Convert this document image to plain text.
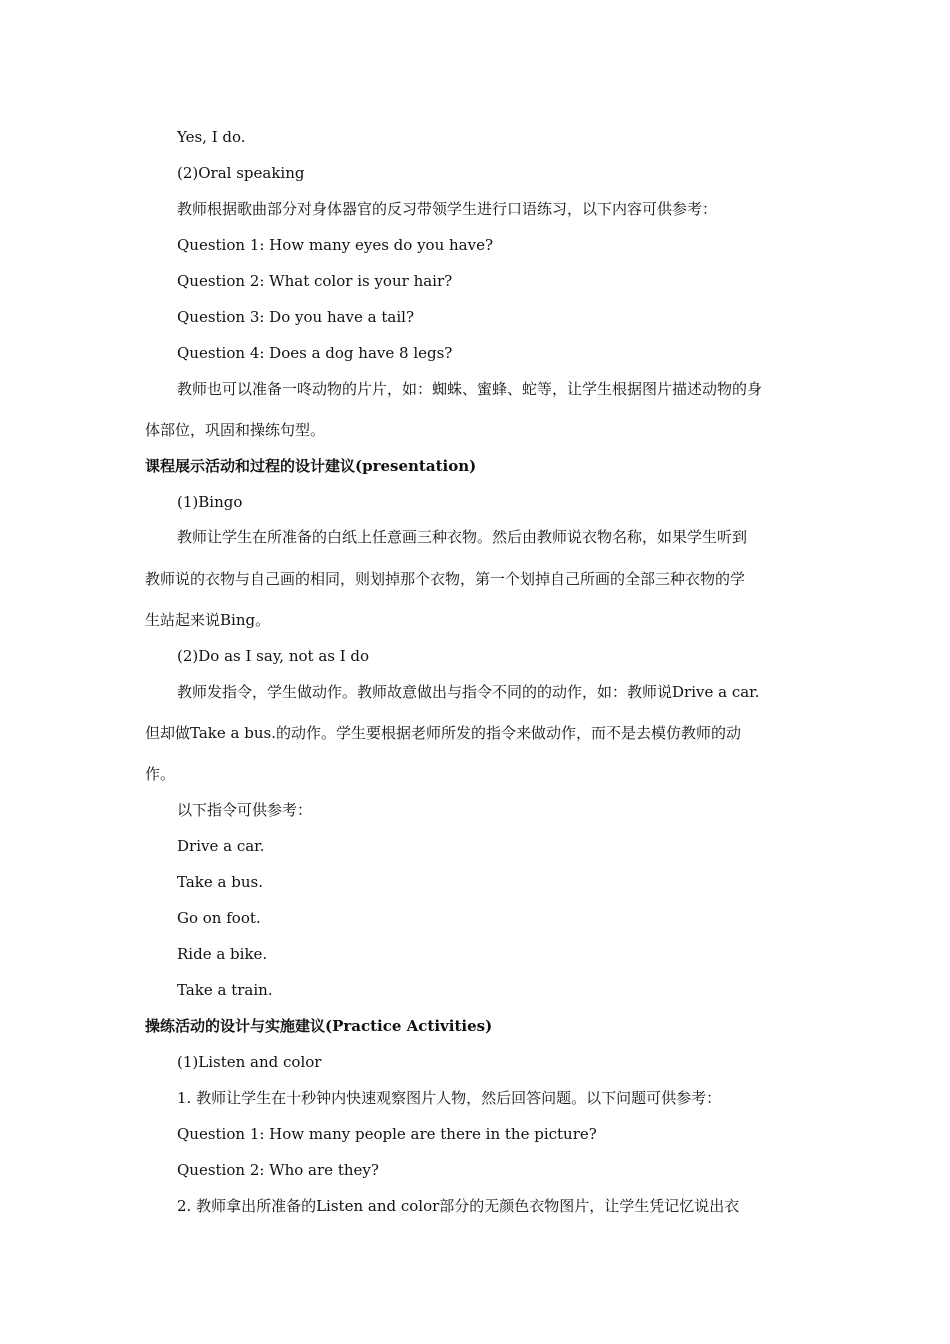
Yes, I do.
(2)Oral speaking
教师根据歌曲部分对身体器官的反习带领学生进行口语练习，以下内容可供参考：
Question 1: How many eyes do you have?
Question 2: What color is your hair?
Question 3: Do you have a tail?
Question 4: Does a dog have 8 legs?
教师也可以准备一咚动物的片片，如：蜘蛛、蜜蜂、蛇等，让学生根据图片描述动物的身
体部位，巩固和操练句型。
课程展示活动和过程的设计建议(presentation)
(1)Bingo
教师让学生在所准备的白纸上任意画三种衣物。然后由教师说衣物名称，如果学生听到
教师说的衣物与自己画的相同，则划掉那个衣物，第一个划掉自己所画的全部三种衣物的学
生站起来说Bing。
(2)Do as I say, not as I do
教师发指令，学生做动作。教师故意做出与指令不同的的动作，如：教师说Drive a car.
但却做Take a bus.的动作。学生要根据老师所发的指令来做动作，而不是去模仿教师的动
作。
以下指令可供参考：
Drive a car.
Take a bus.
Go on foot.
Ride a bike.
Take a train.
操练活动的设计与实施建议(Practice Activities)
(1)Listen and color
1. 教师让学生在十秒钟内快速观察图片人物，然后回答问题。以下问题可供参考：
Question 1: How many people are there in the picture?
Question 2: Who are they?
2. 教师拿出所准备的Listen and color部分的无颜色衣物图片，让学生凭记忆说出衣
